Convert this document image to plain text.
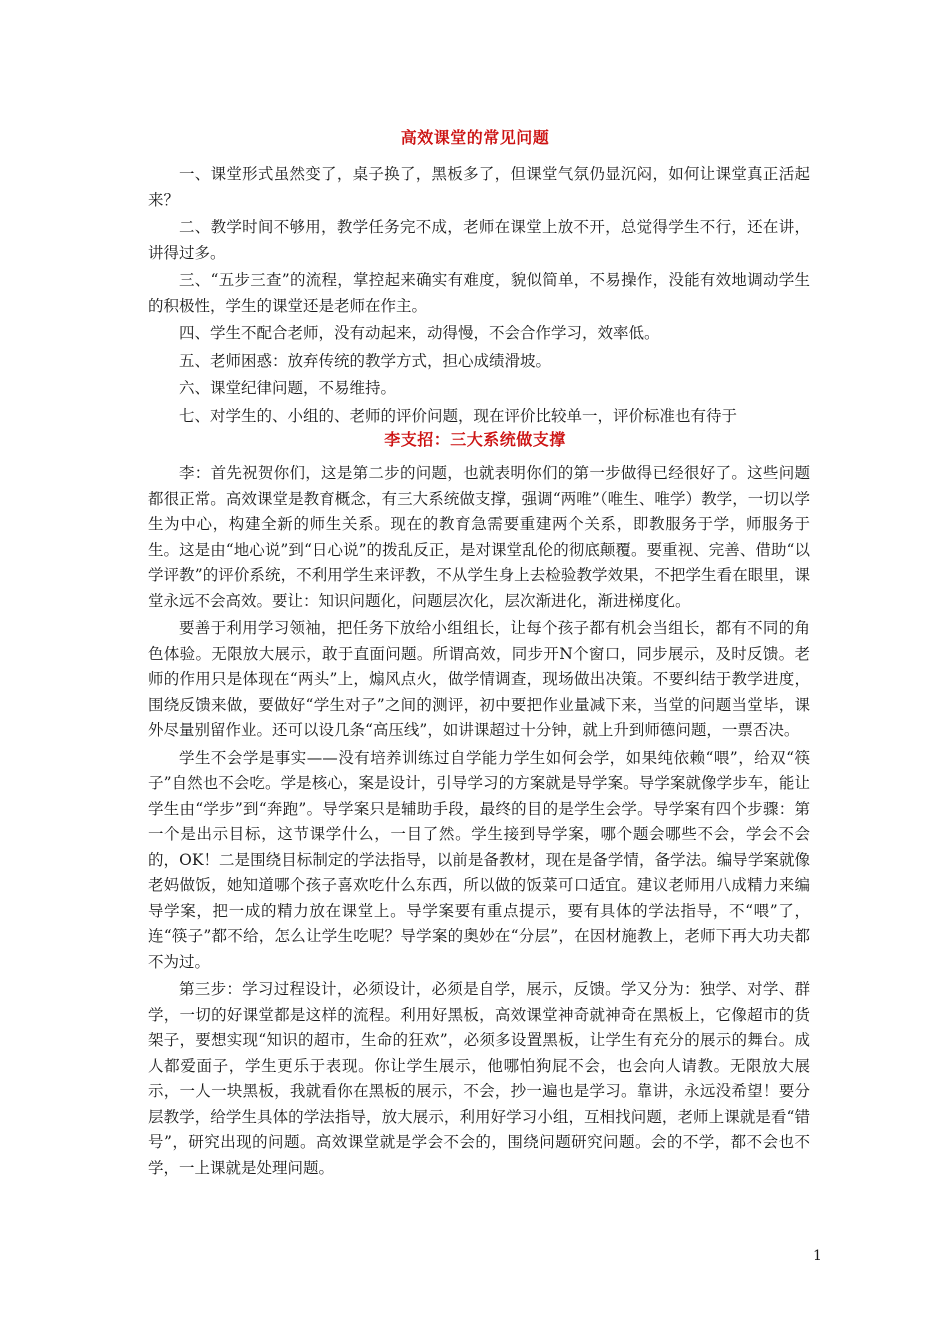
高效课堂的常见问题

一、课堂形式虽然变了，桌子换了，黑板多了，但课堂气氛仍显沉闷，如何让课堂真正活起来？

二、教学时间不够用，教学任务完不成，老师在课堂上放不开，总觉得学生不行，还在讲，讲得过多。

三、“五步三查”的流程，掌控起来确实有难度，貌似简单，不易操作，没能有效地调动学生的积极性，学生的课堂还是老师在作主。

四、学生不配合老师，没有动起来，动得慢，不会合作学习，效率低。

五、老师困惑：放弃传统的教学方式，担心成绩滑坡。

六、课堂纪律问题，不易维持。

七、对学生的、小组的、老师的评价问题，现在评价比较单一，评价标准也有待于

李支招：三大系统做支撑

李：首先祝贺你们，这是第二步的问题，也就表明你们的第一步做得已经很好了。这些问题都很正常。高效课堂是教育概念，有三大系统做支撑，强调“两唯”（唯生、唯学）教学，一切以学生为中心，构建全新的师生关系。现在的教育急需要重建两个关系，即教服务于学，师服务于生。这是由“地心说”到“日心说”的拨乱反正，是对课堂乱伦的彻底颠覆。要重视、完善、借助“以学评教”的评价系统，不利用学生来评教，不从学生身上去检验教学效果，不把学生看在眼里，课堂永远不会高效。要让：知识问题化，问题层次化，层次渐进化，渐进梯度化。

要善于利用学习领袖，把任务下放给小组组长，让每个孩子都有机会当组长，都有不同的角色体验。无限放大展示，敢于直面问题。所谓高效，同步开N个窗口，同步展示，及时反馈。老师的作用只是体现在“两头”上，煽风点火，做学情调查，现场做出决策。不要纠结于教学进度，围绕反馈来做，要做好“学生对子”之间的测评，初中要把作业量减下来，当堂的问题当堂毕，课外尽量别留作业。还可以设几条“高压线”，如讲课超过十分钟，就上升到师德问题，一票否决。

学生不会学是事实——没有培养训练过自学能力学生如何会学，如果纯依赖“喂”，给双“筷子”自然也不会吃。学是核心，案是设计，引导学习的方案就是导学案。导学案就像学步车，能让学生由“学步”到“奔跑”。导学案只是辅助手段，最终的目的是学生会学。导学案有四个步骤：第一个是出示目标，这节课学什么，一目了然。学生接到导学案，哪个题会哪些不会，学会不会的，OK！二是围绕目标制定的学法指导，以前是备教材，现在是备学情，备学法。编导学案就像老妈做饭，她知道哪个孩子喜欢吃什么东西，所以做的饭菜可口适宜。建议老师用八成精力来编导学案，把一成的精力放在课堂上。导学案要有重点提示，要有具体的学法指导，不“喂”了，连“筷子”都不给，怎么让学生吃呢？导学案的奥妙在“分层”，在因材施教上，老师下再大功夫都不为过。

第三步：学习过程设计，必须设计，必须是自学，展示，反馈。学又分为：独学、对学、群学，一切的好课堂都是这样的流程。利用好黑板，高效课堂神奇就神奇在黑板上，它像超市的货架子，要想实现“知识的超市，生命的狂欢”，必须多设置黑板，让学生有充分的展示的舞台。成人都爱面子，学生更乐于表现。你让学生展示，他哪怕狗屁不会，也会向人请教。无限放大展示，一人一块黑板，我就看你在黑板的展示，不会，抄一遍也是学习。靠讲，永远没希望！要分层教学，给学生具体的学法指导，放大展示，利用好学习小组，互相找问题，老师上课就是看“错号”，研究出现的问题。高效课堂就是学会不会的，围绕问题研究问题。会的不学，都不会也不学，一上课就是处理问题。

1
